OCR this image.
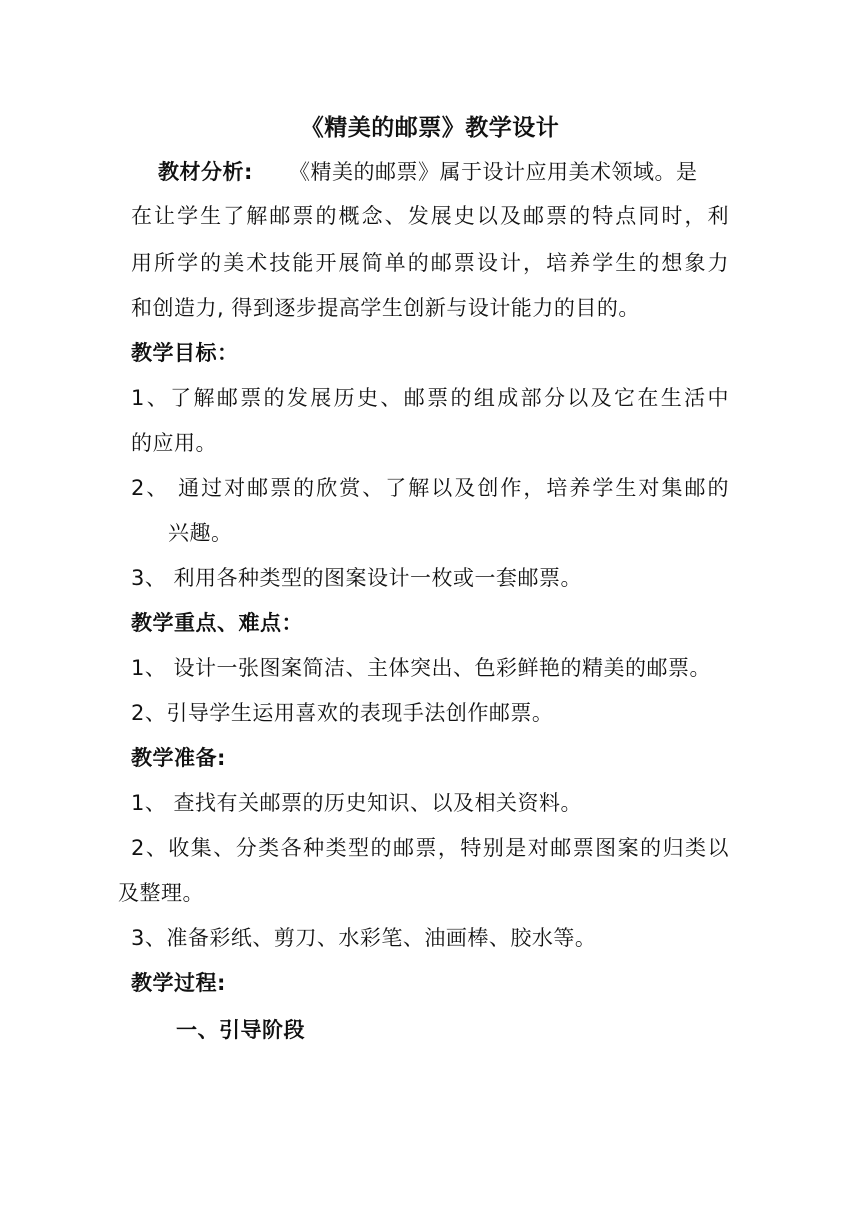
《精美的邮票》教学设计
教材分析: 《精美的邮票》属于设计应用美术领域。是
在让学生了解邮票的概念、发展史以及邮票的特点同时，利
用所学的美术技能开展简单的邮票设计，培养学生的想象力
和创造力, 得到逐步提高学生创新与设计能力的目的。
教学目标：
1、了解邮票的发展历史、邮票的组成部分以及它在生活中
的应用。
2、 通过对邮票的欣赏、了解以及创作，培养学生对集邮的
兴趣。
3、 利用各种类型的图案设计一枚或一套邮票。
教学重点、难点：
1、 设计一张图案简洁、主体突出、色彩鲜艳的精美的邮票。
2、引导学生运用喜欢的表现手法创作邮票。
教学准备:
1、 查找有关邮票的历史知识、以及相关资料。
2、收集、分类各种类型的邮票，特别是对邮票图案的归类以
及整理。
3、准备彩纸、剪刀、水彩笔、油画棒、胶水等。
教学过程:
一、引导阶段
